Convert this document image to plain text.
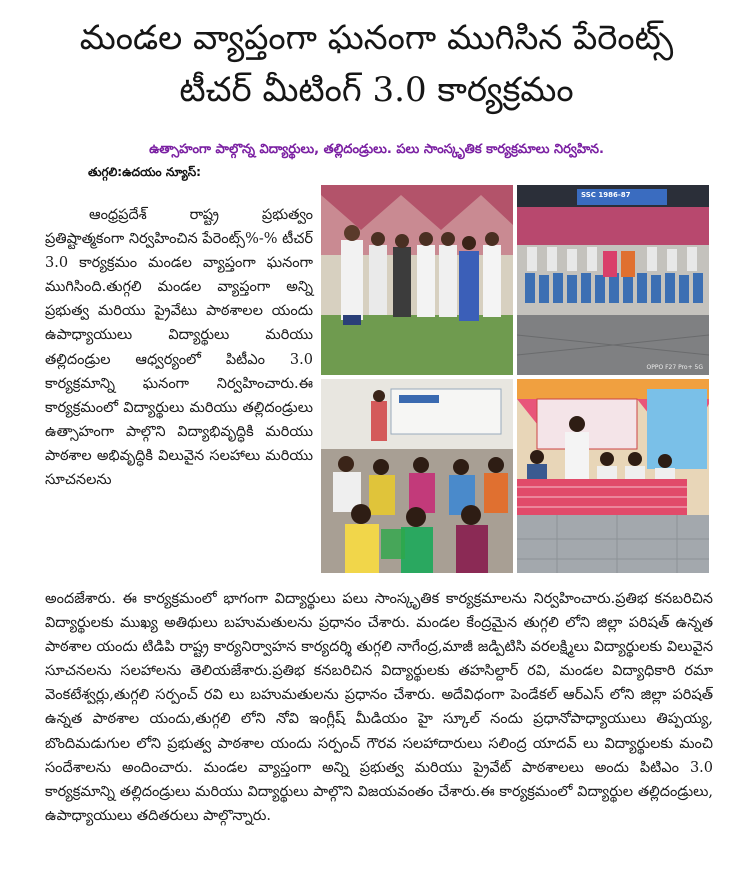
మండల వ్యాప్తంగా ఘనంగా ముగిసిన పేరెంట్స్
టీచర్ మీటింగ్ 3.0 కార్యక్రమం
ఉత్సాహంగా పాల్గొన్న విద్యార్థులు, తల్లిదండ్రులు. పలు సాంస్కృతిక కార్యక్రమాలు నిర్వహిన.
తుగ్గలి:ఉదయం న్యూస్:
ఆంధ్రప్రదేశ్ రాష్ట్ర ప్రభుత్వం ప్రతిష్టాత్మకంగా నిర్వహించిన పేరెంట్స్%-% టీచర్ 3.0 కార్యక్రమం మండల వ్యాప్తంగా ఘనంగా ముగిసింది.తుగ్గలి మండల వ్యాప్తంగా అన్ని ప్రభుత్వ మరియు ప్రైవేటు పాఠశాలల యందు ఉపాధ్యాయులు విద్యార్థులు మరియు తల్లిదండ్రుల ఆధ్వర్యంలో పిటీఎం 3.0 కార్యక్రమాన్ని ఘనంగా నిర్వహించారు.ఈ కార్యక్రమంలో విద్యార్థులు మరియు తల్లిదండ్రులు ఉత్సాహంగా పాల్గొని విద్యాభివృద్ధికి మరియు పాఠశాల అభివృద్ధికి విలువైన సలహాలు మరియు సూచనలను
SSC 1986-87
OPPO F27 Pro+ 5G
అందజేశారు. ఈ కార్యక్రమంలో భాగంగా విద్యార్థులు పలు సాంస్కృతిక కార్యక్రమాలను నిర్వహించారు.ప్రతిభ కనబరిచిన విద్యార్థులకు ముఖ్య అతిథులు బహుమతులను ప్రధానం చేశారు. మండల కేంద్రమైన తుగ్గలి లోని జిల్లా పరిషత్ ఉన్నత పాఠశాల యందు టిడిపి రాష్ట్ర కార్యనిర్వాహన కార్యదర్శి తుగ్గలి నాగేంద్ర,మాజీ జడ్పిటిసి వరలక్ష్మిలు విద్యార్థులకు విలువైన సూచనలను సలహాలను తెలియజేశారు.ప్రతిభ కనబరిచిన విద్యార్థులకు తహసిల్దార్ రవి, మండల విద్యాధికారి రమా వెంకటేశ్వర్లు,తుగ్గలి సర్పంచ్ రవి లు బహుమతులను ప్రధానం చేశారు. అదేవిధంగా పెండేకల్ ఆర్ఎస్ లోని జిల్లా పరిషత్ ఉన్నత పాఠశాల యందు,తుగ్గలి లోని నోవి ఇంగ్లీష్ మీడియం హై స్కూల్ నందు ప్రధానోపాధ్యాయులు తిప్పయ్య, బొందిమడుగుల లోని ప్రభుత్వ పాఠశాల యందు సర్పంచ్ గౌరవ సలహాదారులు సలింద్ర యాదవ్ లు విద్యార్థులకు మంచి సందేశాలను అందించారు. మండల వ్యాప్తంగా అన్ని ప్రభుత్వ మరియు ప్రైవేట్ పాఠశాలలు అందు పిటిఎం 3.0 కార్యక్రమాన్ని తల్లిదండ్రులు మరియు విద్యార్థులు పాల్గొని విజయవంతం చేశారు.ఈ కార్యక్రమంలో విద్యార్థుల తల్లిదండ్రులు, ఉపాధ్యాయులు తదితరులు పాల్గొన్నారు.
